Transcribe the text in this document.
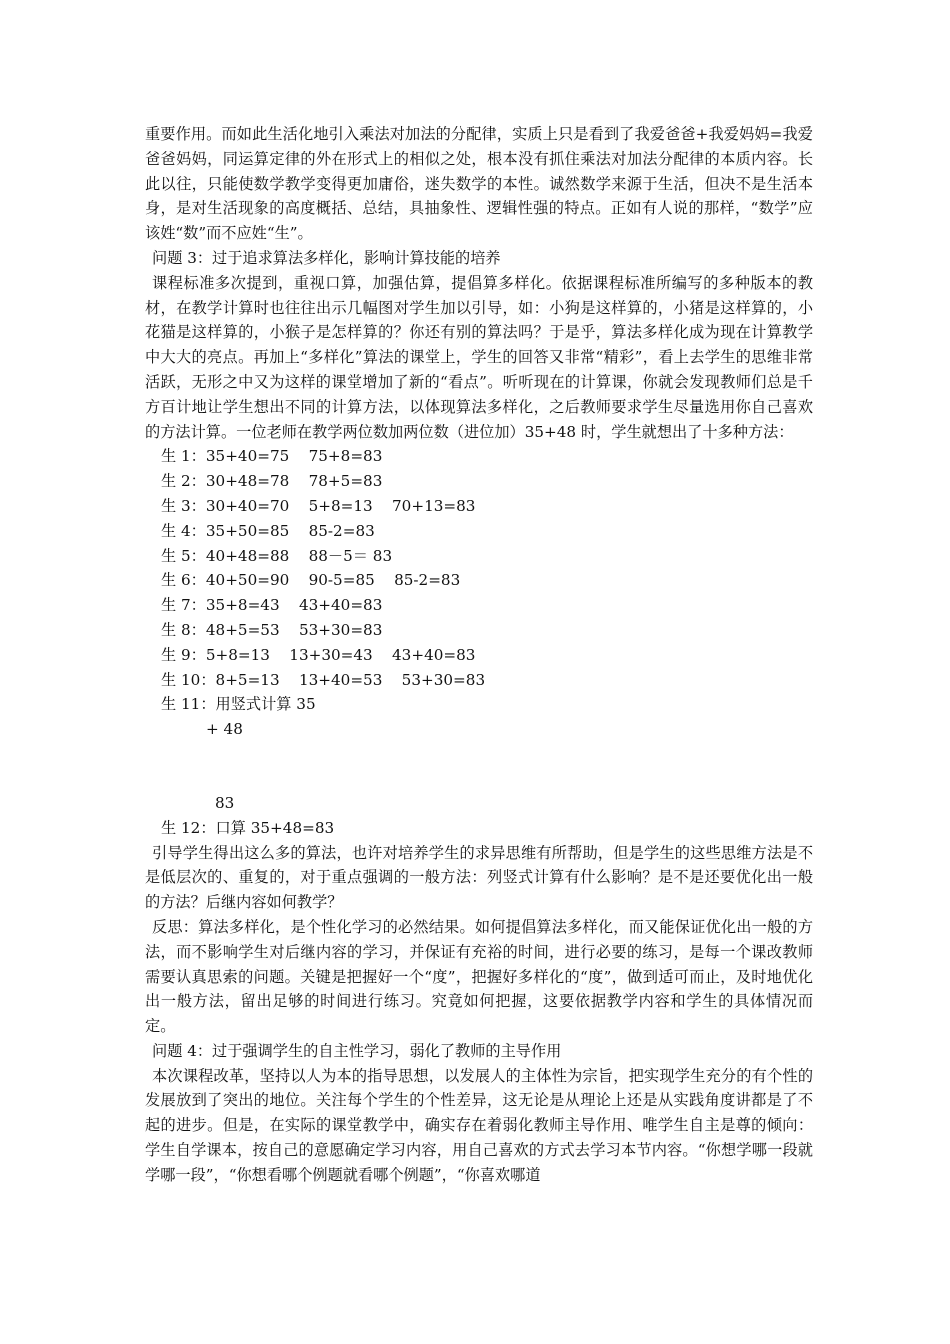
重要作用。而如此生活化地引入乘法对加法的分配律，实质上只是看到了我爱爸爸+我爱妈妈=我爱爸爸妈妈，同运算定律的外在形式上的相似之处，根本没有抓住乘法对加法分配律的本质内容。长此以往，只能使数学教学变得更加庸俗，迷失数学的本性。诚然数学来源于生活，但决不是生活本身，是对生活现象的高度概括、总结，具抽象性、逻辑性强的特点。正如有人说的那样，“数学”应该姓“数”而不应姓“生”。

问题 3：过于追求算法多样化，影响计算技能的培养

课程标准多次提到，重视口算，加强估算，提倡算多样化。依据课程标准所编写的多种版本的教材，在教学计算时也往往出示几幅图对学生加以引导，如：小狗是这样算的，小猪是这样算的，小花猫是这样算的，小猴子是怎样算的？你还有别的算法吗？于是乎，算法多样化成为现在计算教学中大大的亮点。再加上“多样化”算法的课堂上，学生的回答又非常“精彩”，看上去学生的思维非常活跃，无形之中又为这样的课堂增加了新的“看点”。听听现在的计算课，你就会发现教师们总是千方百计地让学生想出不同的计算方法，以体现算法多样化，之后教师要求学生尽量选用你自己喜欢的方法计算。一位老师在教学两位数加两位数（进位加）35+48 时，学生就想出了十多种方法：

生 1：35+40=75    75+8=83

生 2：30+48=78    78+5=83

生 3：30+40=70    5+8=13    70+13=83

生 4：35+50=85    85-2=83

生 5：40+48=88    88－5＝ 83

生 6：40+50=90    90-5=85    85-2=83

生 7：35+8=43    43+40=83

生 8：48+5=53    53+30=83

生 9：5+8=13    13+30=43    43+40=83

生 10：8+5=13    13+40=53    53+30=83

生 11：用竖式计算 35

+ 48

83

生 12：口算 35+48=83

引导学生得出这么多的算法，也许对培养学生的求异思维有所帮助，但是学生的这些思维方法是不是低层次的、重复的，对于重点强调的一般方法：列竖式计算有什么影响？是不是还要优化出一般的方法？后继内容如何教学？

反思：算法多样化，是个性化学习的必然结果。如何提倡算法多样化，而又能保证优化出一般的方法，而不影响学生对后继内容的学习，并保证有充裕的时间，进行必要的练习，是每一个课改教师需要认真思索的问题。关键是把握好一个“度”，把握好多样化的“度”，做到适可而止，及时地优化出一般方法，留出足够的时间进行练习。究竟如何把握，这要依据教学内容和学生的具体情况而定。

问题 4：过于强调学生的自主性学习，弱化了教师的主导作用

本次课程改革，坚持以人为本的指导思想，以发展人的主体性为宗旨，把实现学生充分的有个性的发展放到了突出的地位。关注每个学生的个性差异，这无论是从理论上还是从实践角度讲都是了不起的进步。但是，在实际的课堂教学中，确实存在着弱化教师主导作用、唯学生自主是尊的倾向：学生自学课本，按自己的意愿确定学习内容，用自己喜欢的方式去学习本节内容。“你想学哪一段就学哪一段”，“你想看哪个例题就看哪个例题”，“你喜欢哪道
